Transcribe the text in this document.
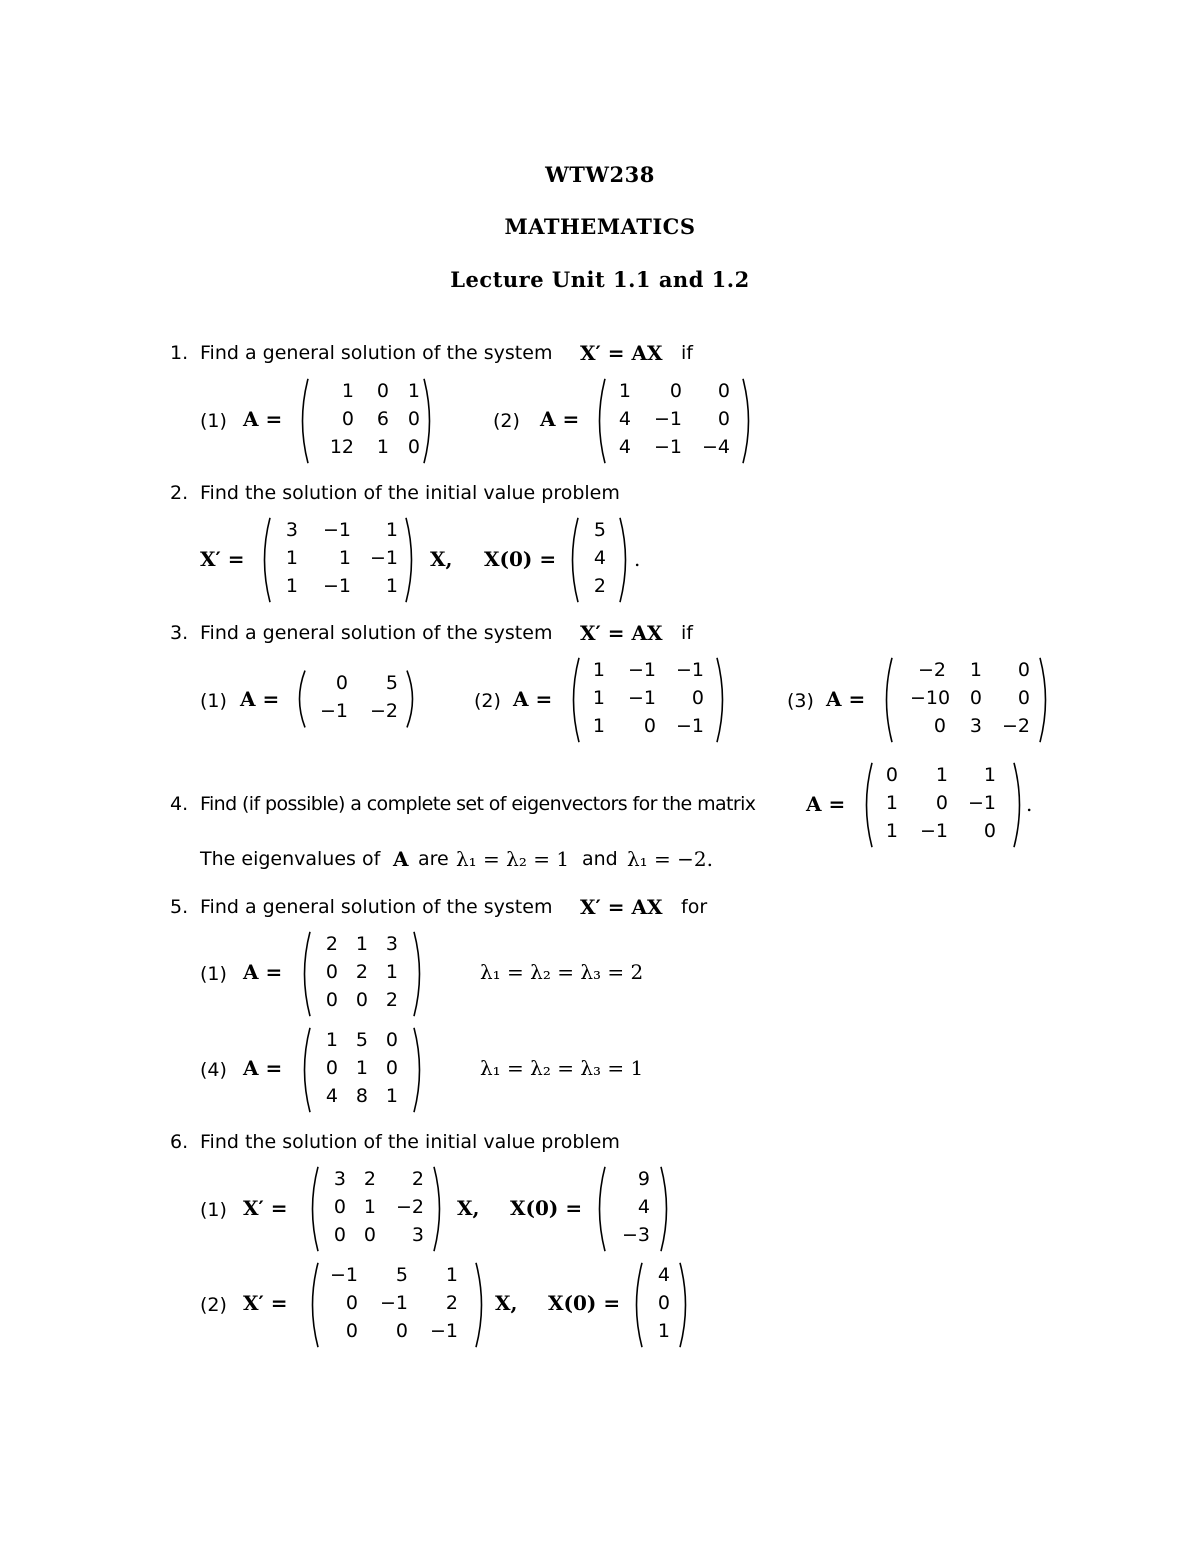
WTW238
MATHEMATICS
Lecture Unit 1.1 and 1.2
1. Find a general solution of the system X′ = AX if
(1) A =
1	0 1
0	6 0
12	1 0
(2) A =
1	0	0
4	−1	0
4	−1	−4
2. Find the solution of the initial value problem
X′ =
3	−1	1
1	1 −1
1	−1	1
X, X(0) =
5
4
2
.
3. Find a general solution of the system X′ = AX if
(1) A =
0	5
−1	−2	(2) A =
1	−1	−1
1	−1	0
1	0	−1
(3) A =
−2	1	0
−10	0	0
0	3	−2
4. Find (if possible) a complete set of eigenvectors for the matrix	A =
0	1	1
1	0	−1
1	−1	0
.
The eigenvalues of A are λ₁ = λ₂ = 1 and λ₁ = −2.
5. Find a general solution of the system X′ = AX for
(1) A =
2 1 3
0 2 1
0 0 2
λ₁ = λ₂ = λ₃ = 2
(4) A =
1 5 0
0 1 0
4 8 1
λ₁ = λ₂ = λ₃ = 1
6. Find the solution of the initial value problem
(1) X′ =
3 2	2
0 1	−2
0 0	3
X, X(0) =
9
4
−3
(2) X′ =
−1	5	1
0	−1	2
0	0	−1
X, X(0) =
4
0
1
